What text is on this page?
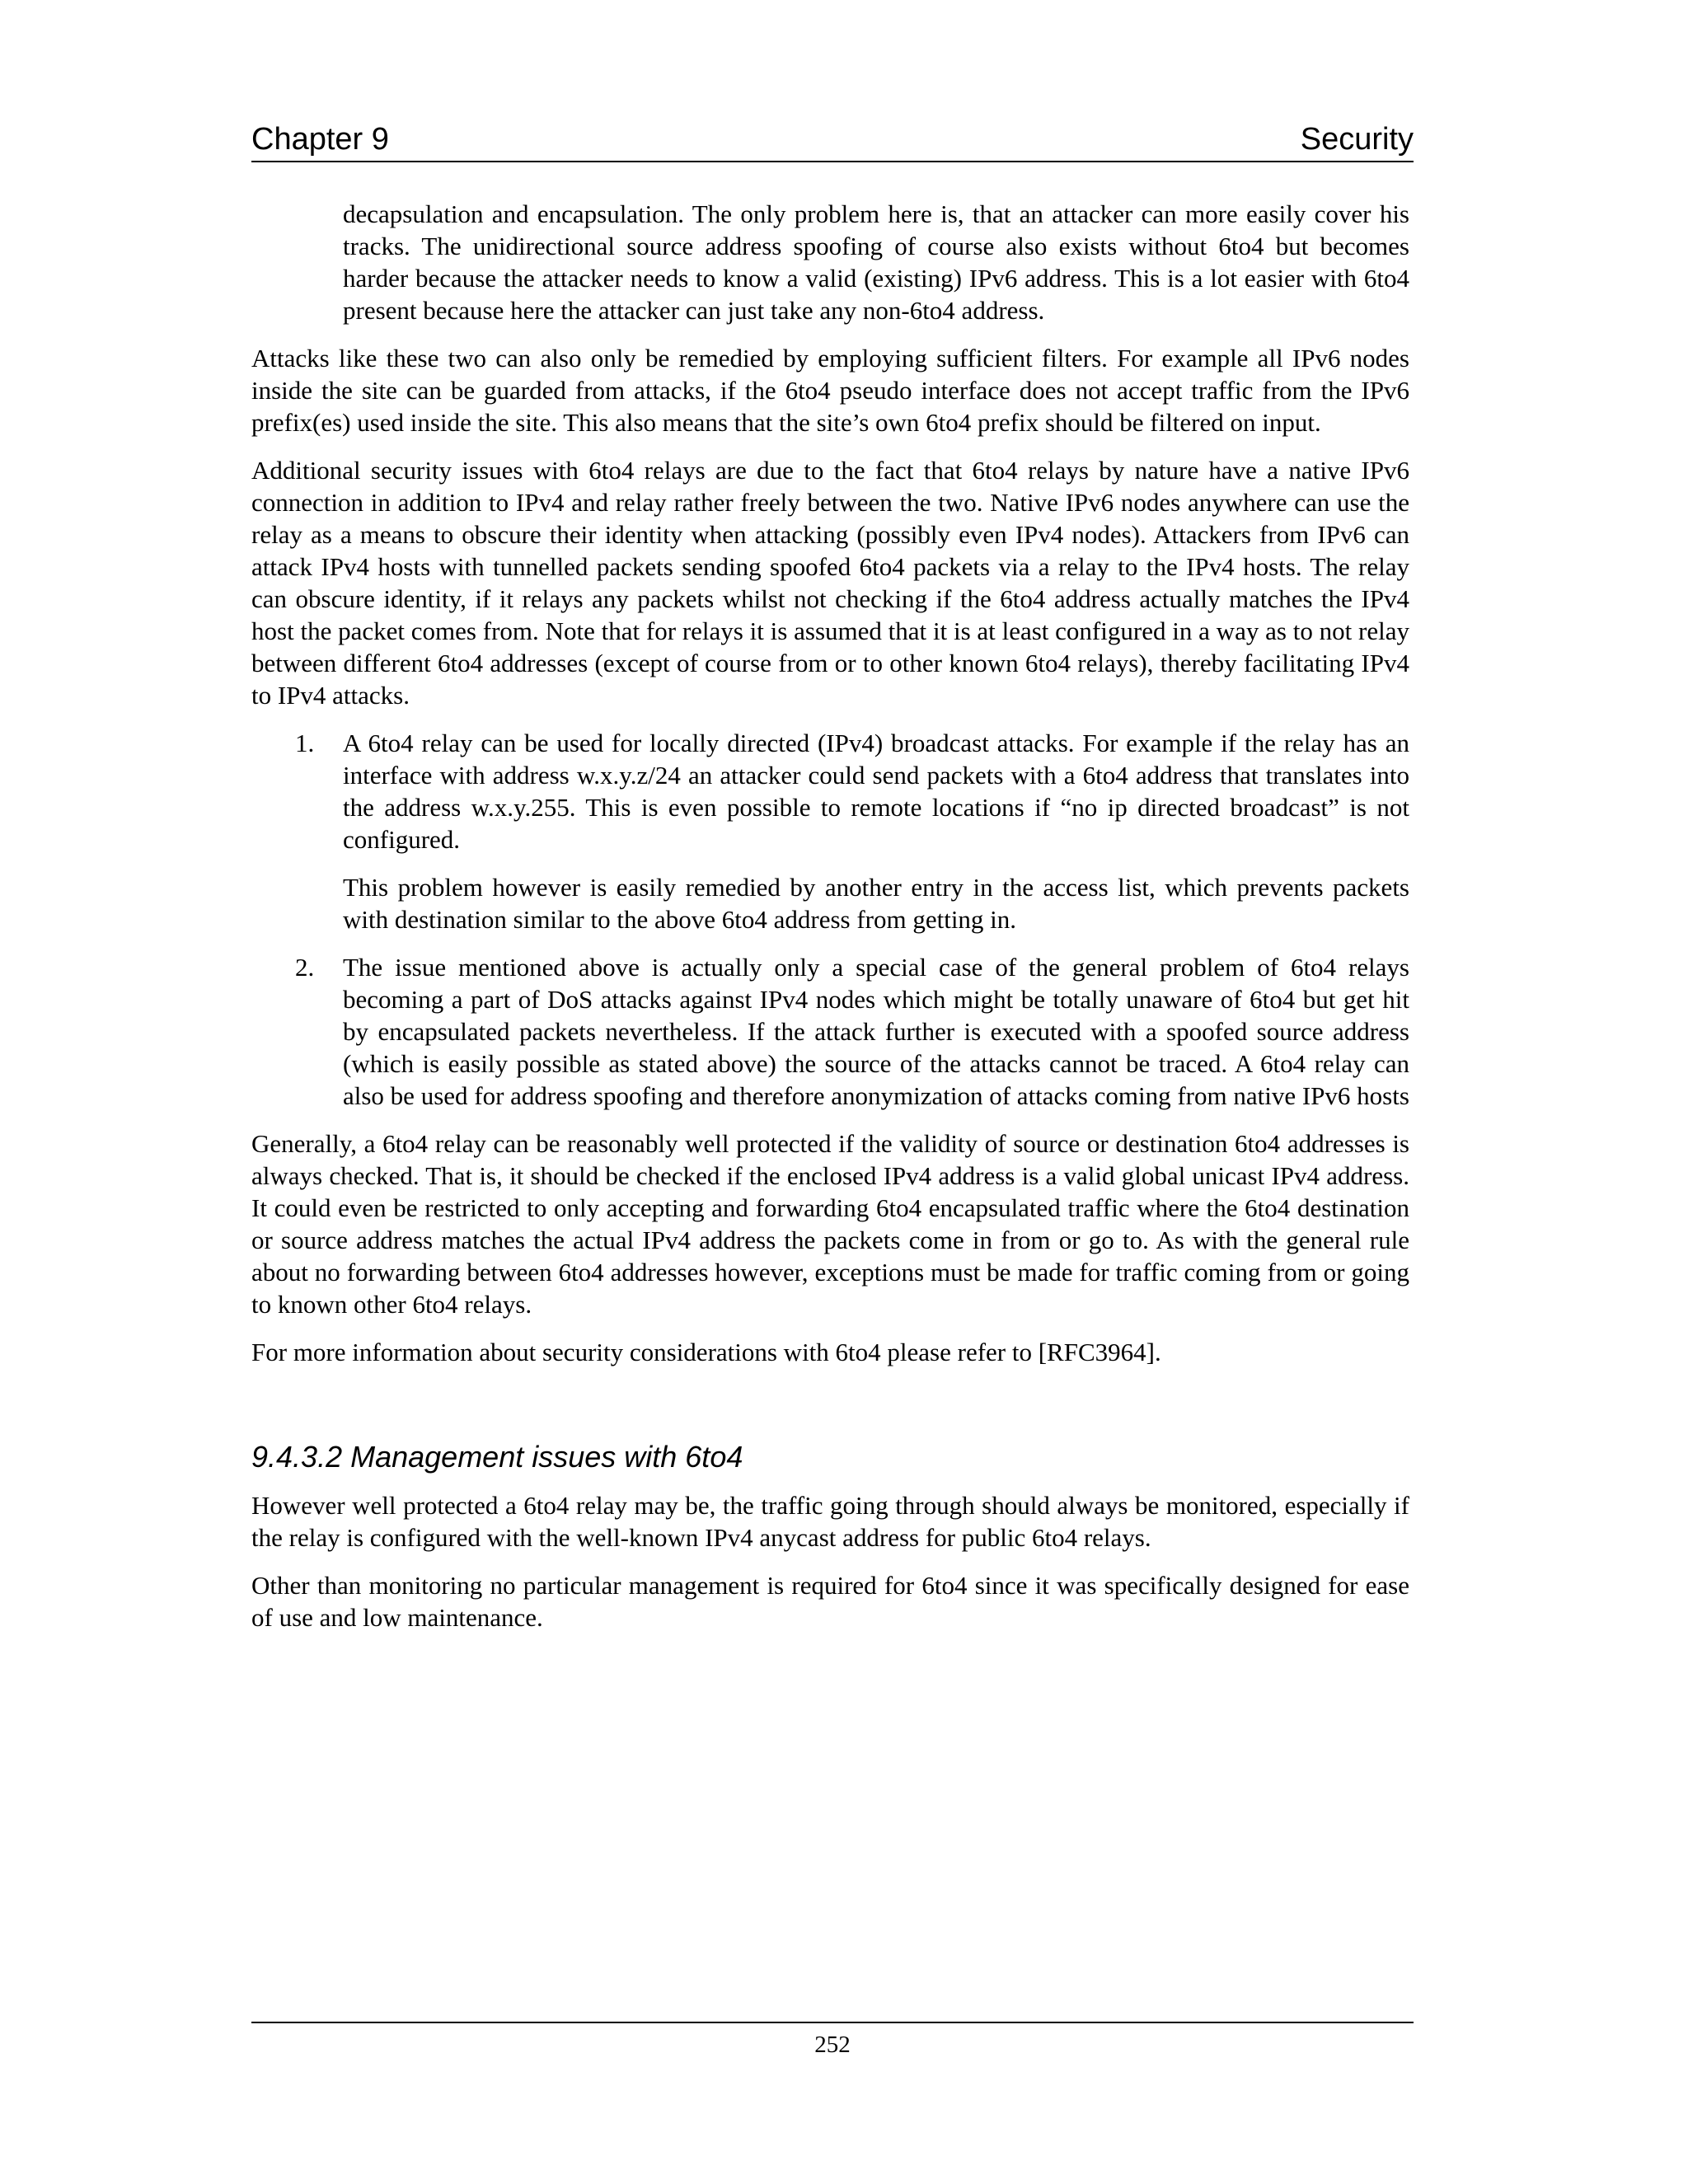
Chapter 9	Security

decapsulation and encapsulation. The only problem here is, that an attacker can more easily cover his tracks. The unidirectional source address spoofing of course also exists without 6to4 but becomes harder because the attacker needs to know a valid (existing) IPv6 address. This is a lot easier with 6to4 present because here the attacker can just take any non-6to4 address.

Attacks like these two can also only be remedied by employing sufficient filters. For example all IPv6 nodes inside the site can be guarded from attacks, if the 6to4 pseudo interface does not accept traffic from the IPv6 prefix(es) used inside the site. This also means that the site’s own 6to4 prefix should be filtered on input.

Additional security issues with 6to4 relays are due to the fact that 6to4 relays by nature have a native IPv6 connection in addition to IPv4 and relay rather freely between the two. Native IPv6 nodes anywhere can use the relay as a means to obscure their identity when attacking (possibly even IPv4 nodes). Attackers from IPv6 can attack IPv4 hosts with tunnelled packets sending spoofed 6to4 packets via a relay to the IPv4 hosts. The relay can obscure identity, if it relays any packets whilst not checking if the 6to4 address actually matches the IPv4 host the packet comes from. Note that for relays it is assumed that it is at least configured in a way as to not relay between different 6to4 addresses (except of course from or to other known 6to4 relays), thereby facilitating IPv4 to IPv4 attacks.

1. A 6to4 relay can be used for locally directed (IPv4) broadcast attacks. For example if the relay has an interface with address w.x.y.z/24 an attacker could send packets with a 6to4 address that translates into the address w.x.y.255. This is even possible to remote locations if “no ip directed broadcast” is not configured.

This problem however is easily remedied by another entry in the access list, which prevents packets with destination similar to the above 6to4 address from getting in.

2. The issue mentioned above is actually only a special case of the general problem of 6to4 relays becoming a part of DoS attacks against IPv4 nodes which might be totally unaware of 6to4 but get hit by encapsulated packets nevertheless. If the attack further is executed with a spoofed source address (which is easily possible as stated above) the source of the attacks cannot be traced. A 6to4 relay can also be used for address spoofing and therefore anonymization of attacks coming from native IPv6 hosts

Generally, a 6to4 relay can be reasonably well protected if the validity of source or destination 6to4 addresses is always checked. That is, it should be checked if the enclosed IPv4 address is a valid global unicast IPv4 address. It could even be restricted to only accepting and forwarding 6to4 encapsulated traffic where the 6to4 destination or source address matches the actual IPv4 address the packets come in from or go to. As with the general rule about no forwarding between 6to4 addresses however, exceptions must be made for traffic coming from or going to known other 6to4 relays.

For more information about security considerations with 6to4 please refer to [RFC3964].

9.4.3.2 Management issues with 6to4

However well protected a 6to4 relay may be, the traffic going through should always be monitored, especially if the relay is configured with the well-known IPv4 anycast address for public 6to4 relays.

Other than monitoring no particular management is required for 6to4 since it was specifically designed for ease of use and low maintenance.

252
